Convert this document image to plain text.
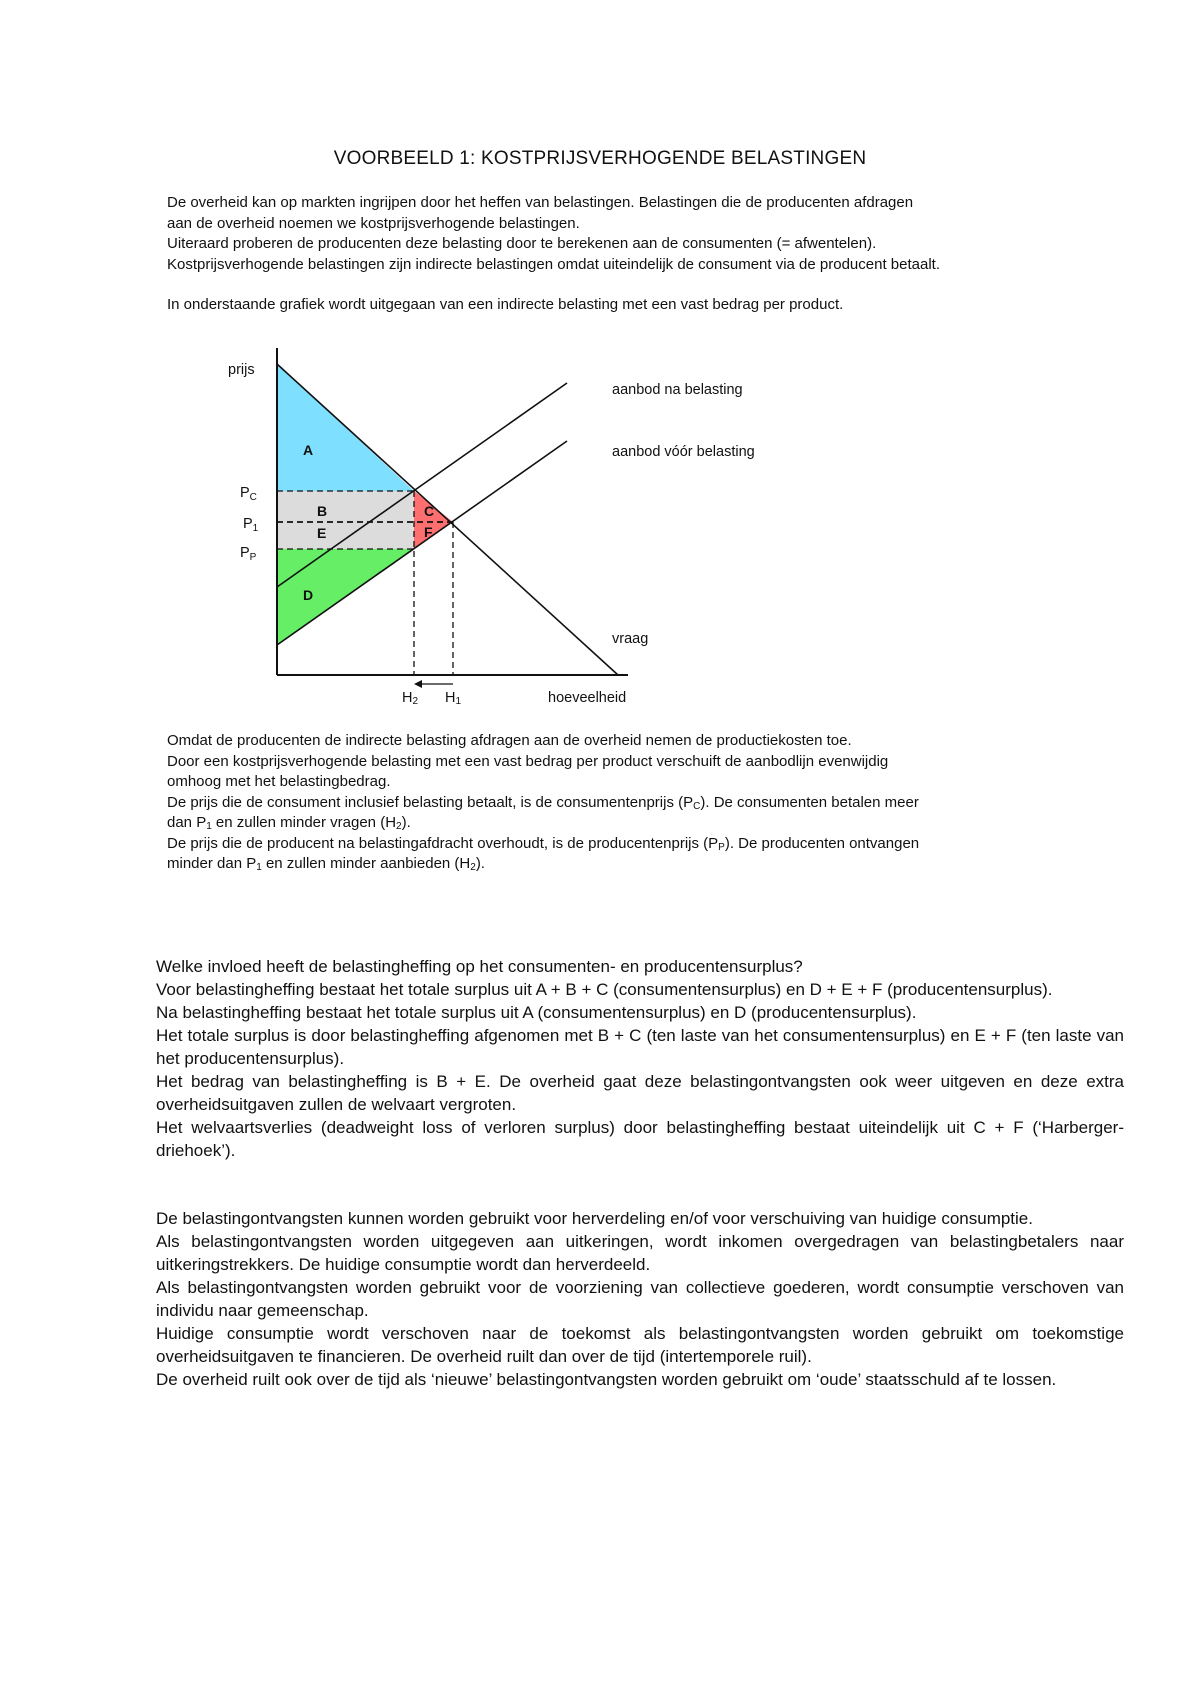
VOORBEELD 1: KOSTPRIJSVERHOGENDE BELASTINGEN

De overheid kan op markten ingrijpen door het heffen van belastingen. Belastingen die de producenten afdragen

aan de overheid noemen we kostprijsverhogende belastingen.

Uiteraard proberen de producenten deze belasting door te berekenen aan de consumenten (= afwentelen).

Kostprijsverhogende belastingen zijn indirecte belastingen omdat uiteindelijk de consument via de producent betaalt.

In onderstaande grafiek wordt uitgegaan van een indirecte belasting met een vast bedrag per product.

prijs
hoeveelheid
aanbod na belasting
aanbod vóór belasting
vraag
$P_C$
$P_1$
$P_P$
H2 H1
A
B
E
C
F
D

Omdat de producenten de indirecte belasting afdragen aan de overheid nemen de productiekosten toe.

Door een kostprijsverhogende belasting met een vast bedrag per product verschuift de aanbodlijn evenwijdig

omhoog met het belastingbedrag.

De prijs die de consument inclusief belasting betaalt, is de consumentenprijs $(P_C)$. De consumenten betalen meer

dan $P_1$ en zullen minder vragen $(H_2)$.

De prijs die de producent na belastingafdracht overhoudt, is de producentenprijs $(P_P)$. De producenten ontvangen

minder dan $P_1$ en zullen minder aanbieden $(H_2)$.

Welke invloed heeft de belastingheffing op het consumenten- en producentensurplus?

Voor belastingheffing bestaat het totale surplus uit A + B + C (consumentensurplus) en D + E + F (producentensurplus).

Na belastingheffing bestaat het totale surplus uit A (consumentensurplus) en D (producentensurplus).

Het totale surplus is door belastingheffing afgenomen met B + C (ten laste van het consumentensurplus) en E + F (ten laste van het producentensurplus).

Het bedrag van belastingheffing is B + E. De overheid gaat deze belastingontvangsten ook weer uitgeven en deze extra overheidsuitgaven zullen de welvaart vergroten.

Het welvaartsverlies (deadweight loss of verloren surplus) door belastingheffing bestaat uiteindelijk uit C + F (‘Harberger-driehoek’).

De belastingontvangsten kunnen worden gebruikt voor herverdeling en/of voor verschuiving van huidige consumptie.

Als belastingontvangsten worden uitgegeven aan uitkeringen, wordt inkomen overgedragen van belastingbetalers naar uitkeringstrekkers. De huidige consumptie wordt dan herverdeeld.

Als belastingontvangsten worden gebruikt voor de voorziening van collectieve goederen, wordt consumptie verschoven van individu naar gemeenschap.

Huidige consumptie wordt verschoven naar de toekomst als belastingontvangsten worden gebruikt om toekomstige overheidsuitgaven te financieren. De overheid ruilt dan over de tijd (intertemporele ruil).

De overheid ruilt ook over de tijd als ‘nieuwe’ belastingontvangsten worden gebruikt om ‘oude’ staatsschuld af te lossen.
